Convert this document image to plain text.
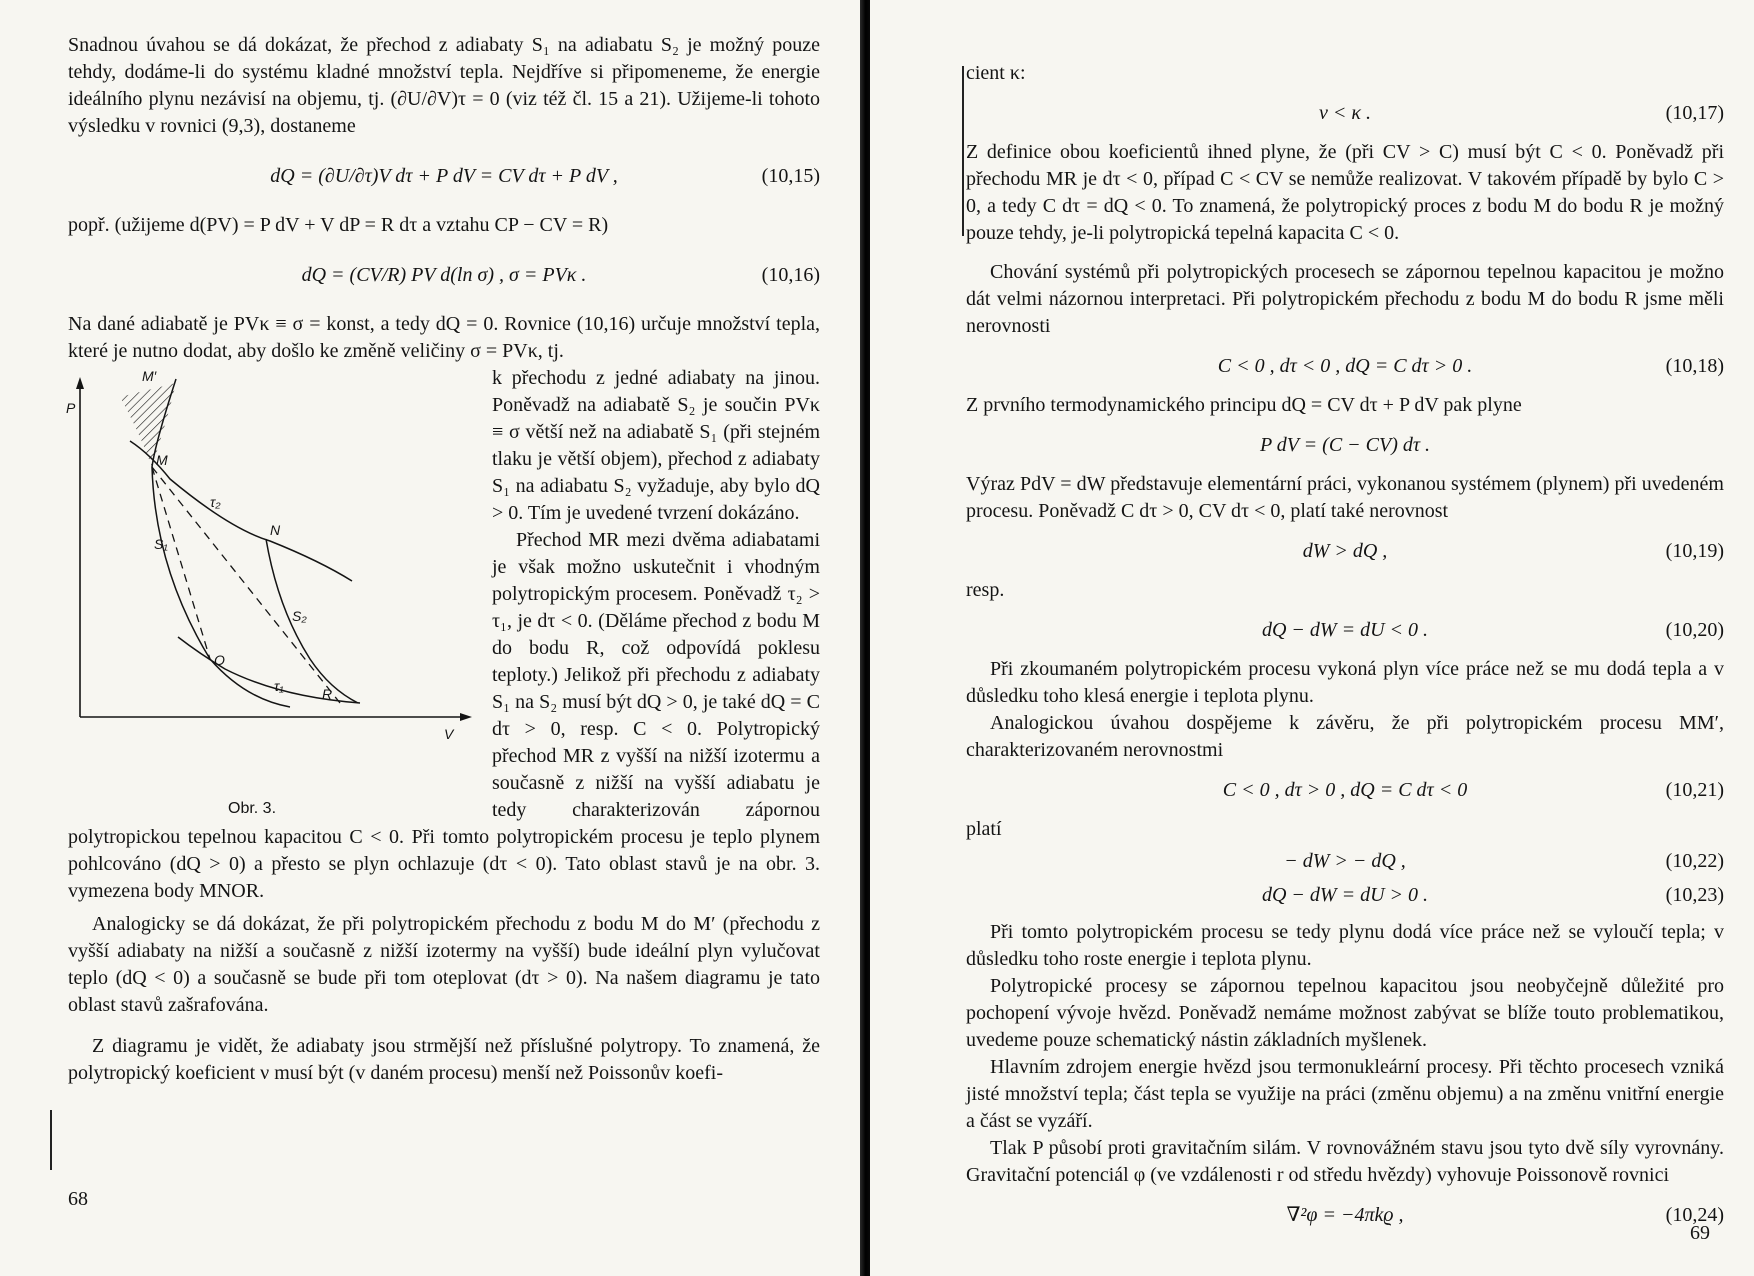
Snadnou úvahou se dá dokázat, že přechod z adiabaty S₁ na adiabatu S₂ je možný pouze tehdy, dodáme-li do systému kladné množství tepla. Nejdříve si připomeneme, že energie ideálního plynu nezávisí na objemu, tj. (∂U/∂V)τ = 0 (viz též čl. 15 a 21). Užijeme-li tohoto výsledku v rovnici (9,3), dostaneme

dQ = (∂U/∂τ)V dτ + P dV = CV dτ + P dV ,	(10,15)

popř. (užijeme d(PV) = P dV + V dP = R dτ a vztahu CP − CV = R)

dQ = (CV/R) PV d(ln σ) , σ = PVκ .	(10,16)

Na dané adiabatě je PVκ ≡ σ = konst, a tedy dQ = 0. Rovnice (10,16) určuje množství tepla, které je nutno dodat, aby došlo ke změně veličiny σ = PVκ, tj.

P
V
M′
M
N
O
R
S₁
S₂
τ₁
τ₂
Obr. 3.

k přechodu z jedné adiabaty na jinou. Poněvadž na adiabatě S₂ je součin PVκ ≡ σ větší než na adiabatě S₁ (při stejném tlaku je větší objem), přechod z adiabaty S₁ na adiabatu S₂ vyžaduje, aby bylo dQ > 0. Tím je uvedené tvrzení dokázáno.

Přechod MR mezi dvěma adiabatami je však možno uskutečnit i vhodným polytropickým procesem. Poněvadž τ₂ > τ₁, je dτ < 0. (Děláme přechod z bodu M do bodu R, což odpovídá poklesu teploty.) Jelikož při přechodu z adiabaty S₁ na S₂ musí být dQ > 0, je také dQ = C dτ > 0, resp. C < 0. Polytropický přechod MR z vyšší na nižší izotermu a současně z nižší na vyšší adiabatu je tedy charakterizován zápornou polytropickou tepelnou kapacitou C < 0. Při tomto polytropickém procesu je teplo plynem pohlcováno (dQ > 0) a přesto se plyn ochlazuje (dτ < 0). Tato oblast stavů je na obr. 3. vymezena body MNOR.

Analogicky se dá dokázat, že při polytropickém přechodu z bodu M do M′ (přechodu z vyšší adiabaty na nižší a současně z nižší izotermy na vyšší) bude ideální plyn vylučovat teplo (dQ < 0) a současně se bude při tom oteplovat (dτ > 0). Na našem diagramu je tato oblast stavů zašrafována.

Z diagramu je vidět, že adiabaty jsou strmější než příslušné polytropy. To znamená, že polytropický koeficient ν musí být (v daném procesu) menší než Poissonův koefi-

68

cient κ:

ν < κ .	(10,17)

Z definice obou koeficientů ihned plyne, že (při CV > C) musí být C < 0. Poněvadž při přechodu MR je dτ < 0, případ C < CV se nemůže realizovat. V takovém případě by bylo C > 0, a tedy C dτ = dQ < 0. To znamená, že polytropický proces z bodu M do bodu R je možný pouze tehdy, je-li polytropická tepelná kapacita C < 0.

Chování systémů při polytropických procesech se zápornou tepelnou kapacitou je možno dát velmi názornou interpretaci. Při polytropickém přechodu z bodu M do bodu R jsme měli nerovnosti

C < 0 , dτ < 0 , dQ = C dτ > 0 .	(10,18)

Z prvního termodynamického principu dQ = CV dτ + P dV pak plyne

P dV = (C − CV) dτ .

Výraz PdV = dW představuje elementární práci, vykonanou systémem (plynem) při uvedeném procesu. Poněvadž C dτ > 0, CV dτ < 0, platí také nerovnost

dW > dQ ,	(10,19)

resp.

dQ − dW = dU < 0 .	(10,20)

Při zkoumaném polytropickém procesu vykoná plyn více práce než se mu dodá tepla a v důsledku toho klesá energie i teplota plynu.

Analogickou úvahou dospějeme k závěru, že při polytropickém procesu MM′, charakterizovaném nerovnostmi

C < 0 , dτ > 0 , dQ = C dτ < 0	(10,21)

platí

− dW > − dQ ,	(10,22)
dQ − dW = dU > 0 .	(10,23)

Při tomto polytropickém procesu se tedy plynu dodá více práce než se vyloučí tepla; v důsledku toho roste energie i teplota plynu.

Polytropické procesy se zápornou tepelnou kapacitou jsou neobyčejně důležité pro pochopení vývoje hvězd. Poněvadž nemáme možnost zabývat se blíže touto problematikou, uvedeme pouze schematický nástin základních myšlenek.

Hlavním zdrojem energie hvězd jsou termonukleární procesy. Při těchto procesech vzniká jisté množství tepla; část tepla se využije na práci (změnu objemu) a na změnu vnitřní energie a část se vyzáří.

Tlak P působí proti gravitačním silám. V rovnovážném stavu jsou tyto dvě síly vyrovnány. Gravitační potenciál φ (ve vzdálenosti r od středu hvězdy) vyhovuje Poissonově rovnici

∇²φ = −4πkϱ ,	(10,24)
69
